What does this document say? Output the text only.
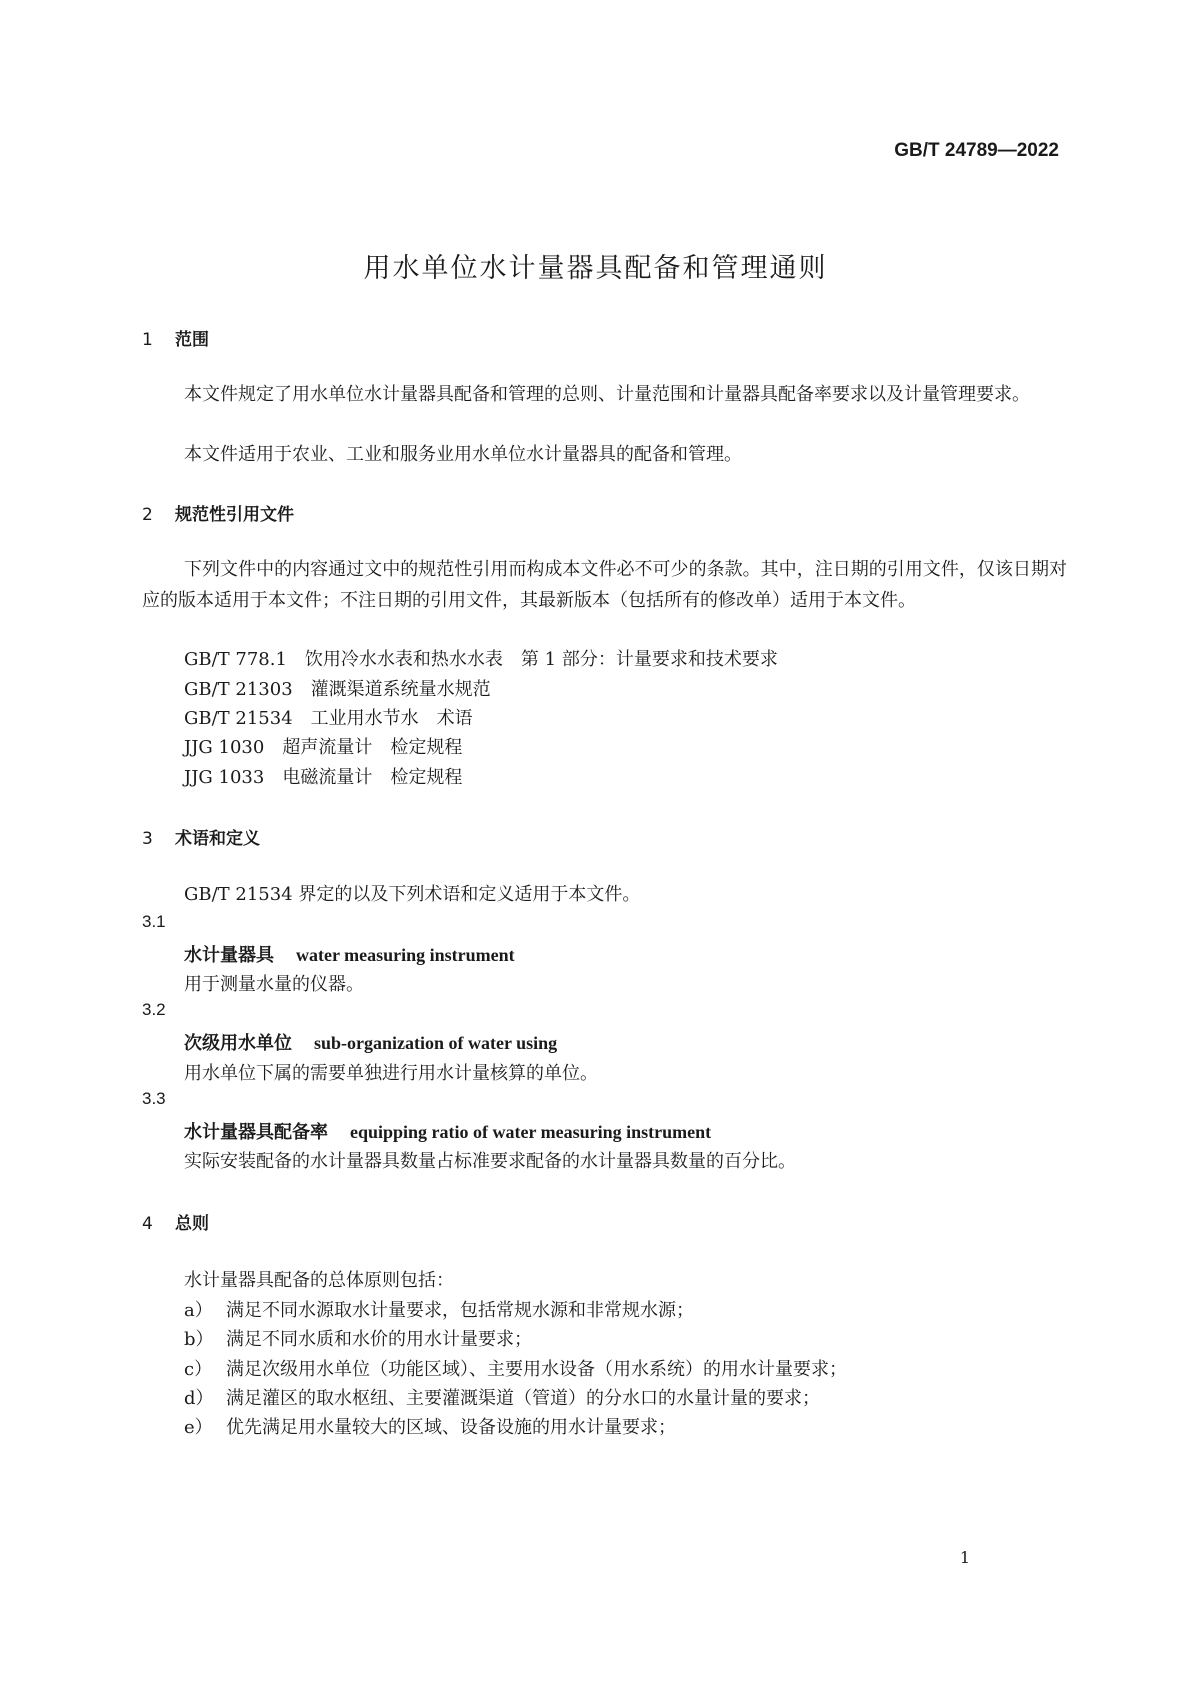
GB/T 24789—2022
用水单位水计量器具配备和管理通则
1 范围
本文件规定了用水单位水计量器具配备和管理的总则、计量范围和计量器具配备率要求以及计量管理要求。
本文件适用于农业、工业和服务业用水单位水计量器具的配备和管理。
2 规范性引用文件
下列文件中的内容通过文中的规范性引用而构成本文件必不可少的条款。其中，注日期的引用文件，仅该日期对应的版本适用于本文件；不注日期的引用文件，其最新版本（包括所有的修改单）适用于本文件。
GB/T 778.1　饮用冷水水表和热水水表　第 1 部分：计量要求和技术要求
GB/T 21303　灌溉渠道系统量水规范
GB/T 21534　工业用水节水　术语
JJG 1030　超声流量计　检定规程
JJG 1033　电磁流量计　检定规程
3 术语和定义
GB/T 21534 界定的以及下列术语和定义适用于本文件。
3.1
水计量器具 water measuring instrument
用于测量水量的仪器。
3.2
次级用水单位 sub-organization of water using
用水单位下属的需要单独进行用水计量核算的单位。
3.3
水计量器具配备率 equipping ratio of water measuring instrument
实际安装配备的水计量器具数量占标准要求配备的水计量器具数量的百分比。
4 总则
水计量器具配备的总体原则包括：
a） 满足不同水源取水计量要求，包括常规水源和非常规水源；
b） 满足不同水质和水价的用水计量要求；
c） 满足次级用水单位（功能区域）、主要用水设备（用水系统）的用水计量要求；
d） 满足灌区的取水枢纽、主要灌溉渠道（管道）的分水口的水量计量的要求；
e） 优先满足用水量较大的区域、设备设施的用水计量要求；
1
